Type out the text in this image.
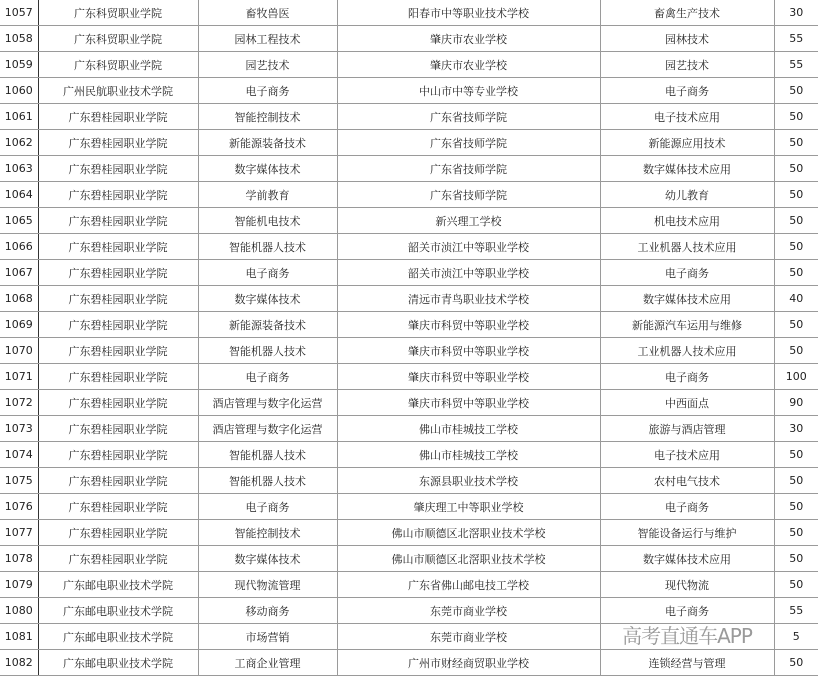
1057	广东科贸职业学院	畜牧兽医	阳春市中等职业技术学校	畜禽生产技术	30
1058	广东科贸职业学院	园林工程技术	肇庆市农业学校	园林技术	55
1059	广东科贸职业学院	园艺技术	肇庆市农业学校	园艺技术	55
1060	广州民航职业技术学院	电子商务	中山市中等专业学校	电子商务	50
1061	广东碧桂园职业学院	智能控制技术	广东省技师学院	电子技术应用	50
1062	广东碧桂园职业学院	新能源装备技术	广东省技师学院	新能源应用技术	50
1063	广东碧桂园职业学院	数字媒体技术	广东省技师学院	数字媒体技术应用	50
1064	广东碧桂园职业学院	学前教育	广东省技师学院	幼儿教育	50
1065	广东碧桂园职业学院	智能机电技术	新兴理工学校	机电技术应用	50
1066	广东碧桂园职业学院	智能机器人技术	韶关市浈江中等职业学校	工业机器人技术应用	50
1067	广东碧桂园职业学院	电子商务	韶关市浈江中等职业学校	电子商务	50
1068	广东碧桂园职业学院	数字媒体技术	清远市青鸟职业技术学校	数字媒体技术应用	40
1069	广东碧桂园职业学院	新能源装备技术	肇庆市科贸中等职业学校	新能源汽车运用与维修	50
1070	广东碧桂园职业学院	智能机器人技术	肇庆市科贸中等职业学校	工业机器人技术应用	50
1071	广东碧桂园职业学院	电子商务	肇庆市科贸中等职业学校	电子商务	100
1072	广东碧桂园职业学院	酒店管理与数字化运营	肇庆市科贸中等职业学校	中西面点	90
1073	广东碧桂园职业学院	酒店管理与数字化运营	佛山市桂城技工学校	旅游与酒店管理	30
1074	广东碧桂园职业学院	智能机器人技术	佛山市桂城技工学校	电子技术应用	50
1075	广东碧桂园职业学院	智能机器人技术	东源县职业技术学校	农村电气技术	50
1076	广东碧桂园职业学院	电子商务	肇庆理工中等职业学校	电子商务	50
1077	广东碧桂园职业学院	智能控制技术	佛山市顺德区北滘职业技术学校	智能设备运行与维护	50
1078	广东碧桂园职业学院	数字媒体技术	佛山市顺德区北滘职业技术学校	数字媒体技术应用	50
1079	广东邮电职业技术学院	现代物流管理	广东省佛山邮电技工学校	现代物流	50
1080	广东邮电职业技术学院	移动商务	东莞市商业学校	电子商务	55
1081	广东邮电职业技术学院	市场营销	东莞市商业学校		5
1082	广东邮电职业技术学院	工商企业管理	广州市财经商贸职业学校	连锁经营与管理	50
高考直通车APP
